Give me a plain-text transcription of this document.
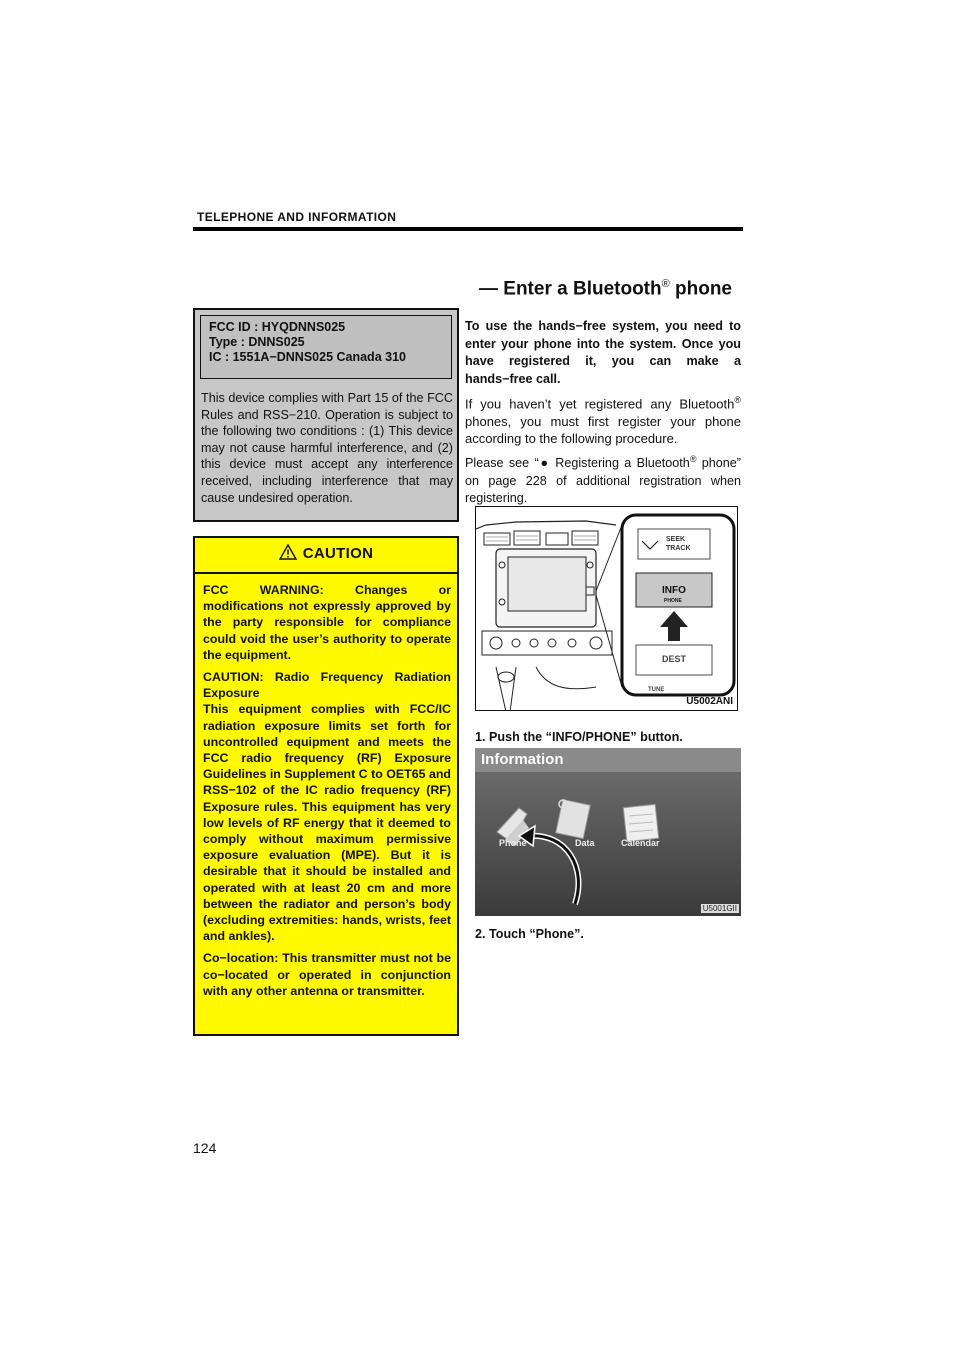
TELEPHONE AND INFORMATION
— Enter a Bluetooth® phone
FCC ID : HYQDNNS025
Type : DNNS025
IC : 1551A−DNNS025 Canada 310
This device complies with Part 15 of the FCC Rules and RSS−210. Operation is subject to the following two conditions : (1) This device may not cause harmful interference, and (2) this device must accept any interference received, including interference that may cause undesired operation.
CAUTION

FCC WARNING: Changes or modifications not expressly approved by the party responsible for compliance could void the user’s authority to operate the equipment.

CAUTION: Radio Frequency Radiation Exposure

This equipment complies with FCC/IC radiation exposure limits set forth for uncontrolled equipment and meets the FCC radio frequency (RF) Exposure Guidelines in Supplement C to OET65 and RSS−102 of the IC radio frequency (RF) Exposure rules. This equipment has very low levels of RF energy that it deemed to comply without maximum permissive exposure evaluation (MPE). But it is desirable that it should be installed and operated with at least 20 cm and more between the radiator and person’s body (excluding extremities: hands, wrists, feet and ankles).

Co−location: This transmitter must not be co−located or operated in conjunction with any other antenna or transmitter.

To use the hands−free system, you need to enter your phone into the system. Once you have registered it, you can make a hands−free call.

If you haven’t yet registered any Bluetooth® phones, you must first register your phone according to the following procedure.

Please see “● Registering a Bluetooth® phone” on page 228 of additional registration when registering.

SEEK
TRACK
INFO
PHONE
DEST
TUNE
U5002ANI
1. Push the “INFO/PHONE” button.
Information
Phone	Data	Calendar
U5001GII
2. Touch “Phone”.
124
